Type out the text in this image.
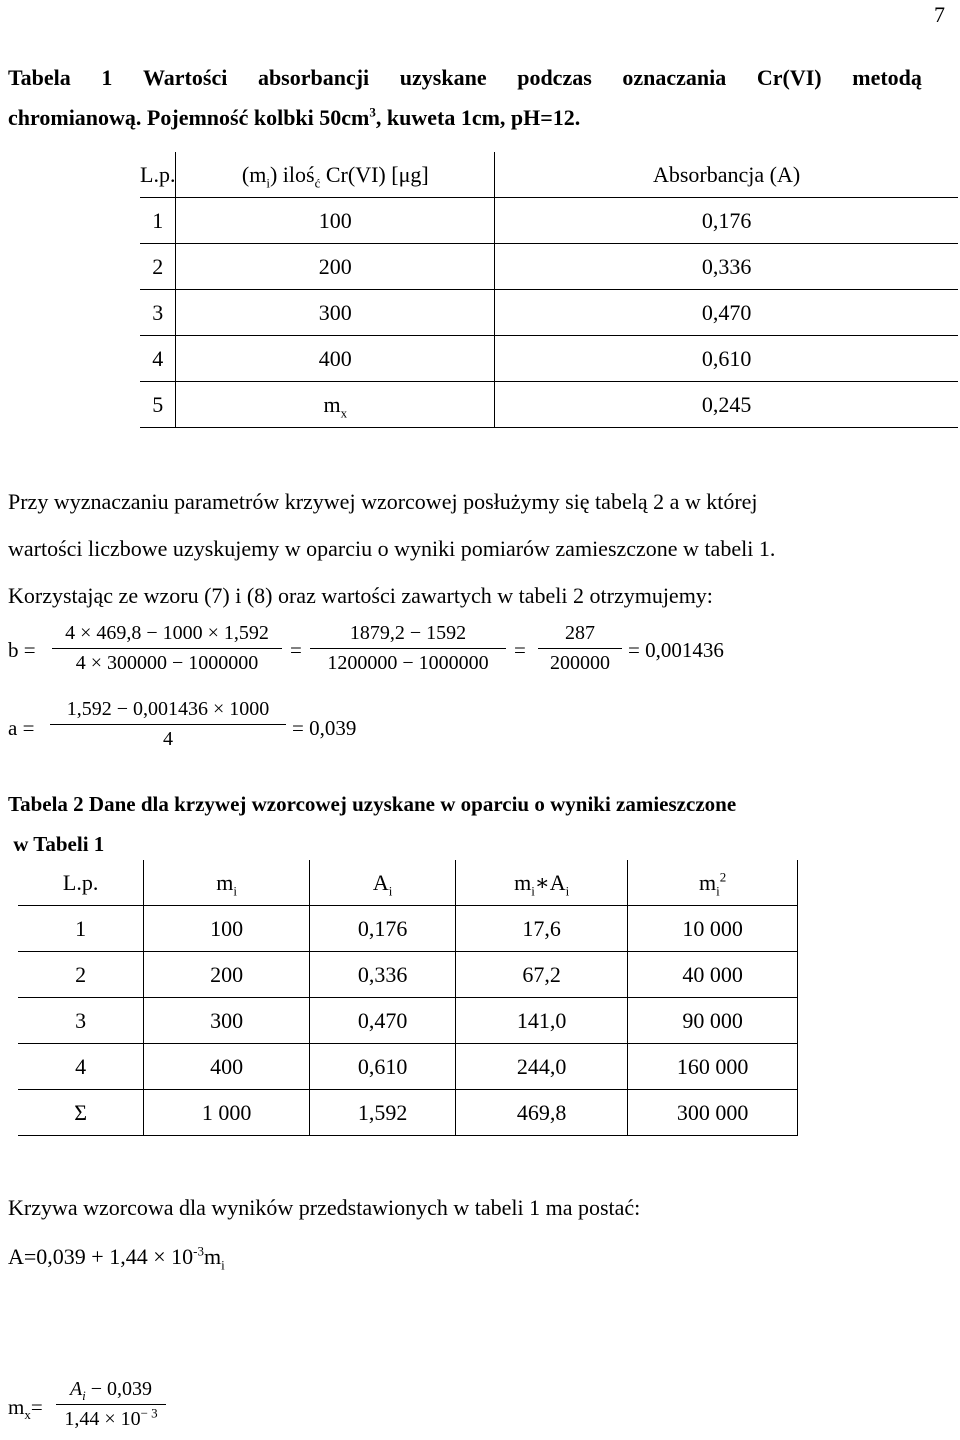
7
Tabela 1 Wartości absorbancji uzyskane podczas oznaczania Cr(VI) metodą
chromianową. Pojemność kolbki $50cm^3$, kuweta 1cm, pH=12.
L.p.	$(m_i)$ iloś$_ć$ Cr(VI) [μg]	Absorbancja (A)
1	100	0,176
2	200	0,336
3	300	0,470
4	400	0,610
5	$m_x$	0,245
Przy wyznaczaniu parametrów krzywej wzorcowej posłużymy się tabelą 2 a w której
wartości liczbowe uzyskujemy w oparciu o wyniki pomiarów zamieszczone w tabeli 1.
Korzystając ze wzoru (7) i (8) oraz wartości zawartych w tabeli 2 otrzymujemy:
b =
4 × 469,8 − 1000 × 1,592
4 × 300000 − 1000000
=
1879,2 − 1592
1200000 − 1000000
=
287
200000
= 0,001436
a =
1,592 − 0,001436 × 1000
4	= 0,039
Tabela 2 Dane dla krzywej wzorcowej uzyskane w oparciu o wyniki zamieszczone
w Tabeli 1
L.p.	$m_i$	$A_i$	$m_i∗A_i$	$m_i^2$
1	100	0,176	17,6	10 000
2	200	0,336	67,2	40 000
3	300	0,470	141,0	90 000
4	400	0,610	244,0	160 000
Σ	1 000	1,592	469,8	300 000
Krzywa wzorcowa dla wyników przedstawionych w tabeli 1 ma postać:
$A=0,039 + 1,44 \times 10^{-3}m_i$
$m_x=$
$A_i - 0,039$
$1,44 \times 10^{- 3}$
